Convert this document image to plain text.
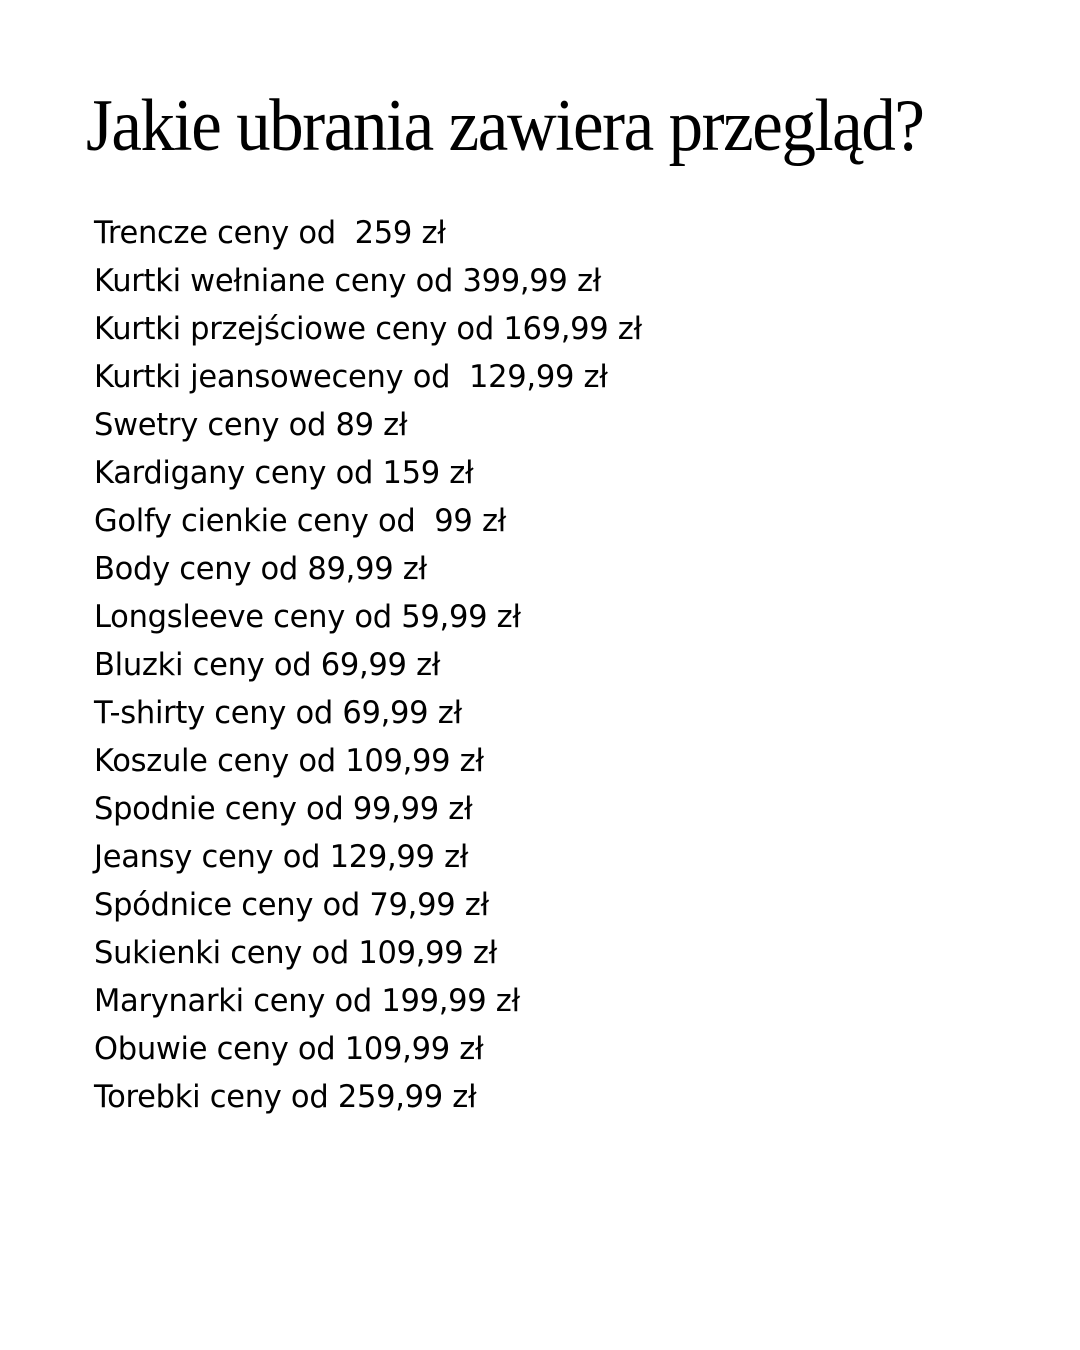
Jakie ubrania zawiera przegląd?
Trencze ceny od  259 zł
Kurtki wełniane ceny od 399,99 zł
Kurtki przejściowe ceny od 169,99 zł
Kurtki jeansoweceny od  129,99 zł
Swetry ceny od 89 zł
Kardigany ceny od 159 zł
Golfy cienkie ceny od  99 zł
Body ceny od 89,99 zł
Longsleeve ceny od 59,99 zł
Bluzki ceny od 69,99 zł
T-shirty ceny od 69,99 zł
Koszule ceny od 109,99 zł
Spodnie ceny od 99,99 zł
Jeansy ceny od 129,99 zł
Spódnice ceny od 79,99 zł
Sukienki ceny od 109,99 zł
Marynarki ceny od 199,99 zł
Obuwie ceny od 109,99 zł
Torebki ceny od 259,99 zł
